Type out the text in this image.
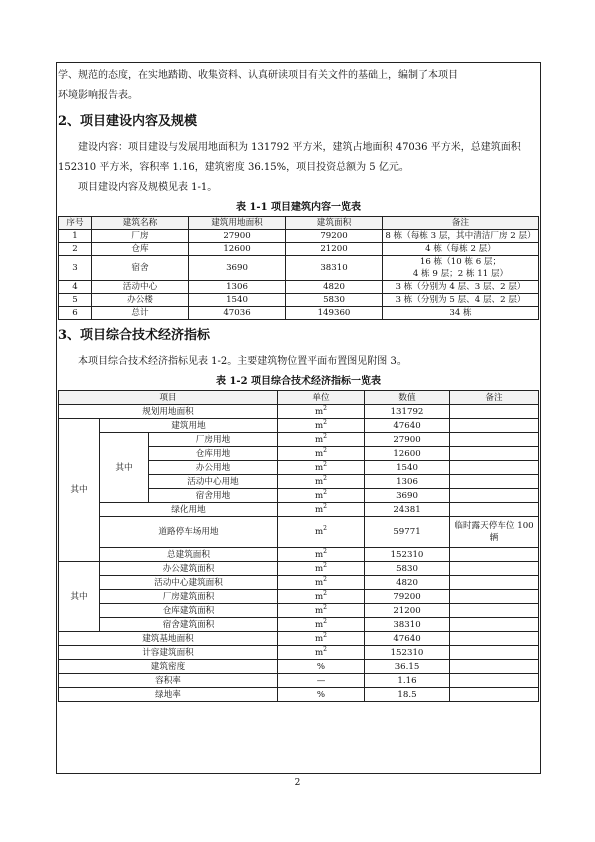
学、规范的态度，在实地踏勘、收集资料、认真研读项目有关文件的基础上，编制了本项目

环境影响报告表。

2、项目建设内容及规模

建设内容：项目建设与发展用地面积为 131792 平方米，建筑占地面积 47036 平方米，总建筑面积 152310 平方米，容积率 1.16，建筑密度 36.15%，项目投资总额为 5 亿元。

项目建设内容及规模见表 1-1。

表 1-1 项目建筑内容一览表
序号	建筑名称	建筑用地面积	建筑面积	备注
1	厂房	27900	79200	8 栋（每栋 3 层，其中清洁厂房 2 层）
2	仓库	12600	21200	4 栋（每栋 2 层）
3	宿舍	3690	38310	16 栋（10 栋 6 层；
4 栋 9 层；2 栋 11 层）
4	活动中心	1306	4820	3 栋（分别为 4 层、3 层、2 层）
5	办公楼	1540	5830	3 栋（分别为 5 层、4 层、2 层）
6	总计	47036	149360	34 栋
3、项目综合技术经济指标

本项目综合技术经济指标见表 1-2。主要建筑物位置平面布置图见附图 3。

表 1-2 项目综合技术经济指标一览表
项目			单位	数值	备注
规划用地面积			$m^2$	131792	
其中	建筑用地		$m^2$	47640	
	其中	厂房用地	$m^2$	27900	
		仓库用地	$m^2$	12600	
		办公用地	$m^2$	1540	
		活动中心用地	$m^2$	1306	
		宿舍用地	$m^2$	3690	
	绿化用地		$m^2$	24381	
	道路停车场用地		$m^2$	59771	临时露天停车位 100
辆
	总建筑面积		$m^2$	152310	
其中	办公建筑面积		$m^2$	5830	
	活动中心建筑面积		$m^2$	4820	
	厂房建筑面积		$m^2$	79200	
	仓库建筑面积		$m^2$	21200	
	宿舍建筑面积		$m^2$	38310	
建筑基地面积			$m^2$	47640	
计容建筑面积			$m^2$	152310	
建筑密度			%	36.15	
容积率			—	1.16	
绿地率			%	18.5	
2
